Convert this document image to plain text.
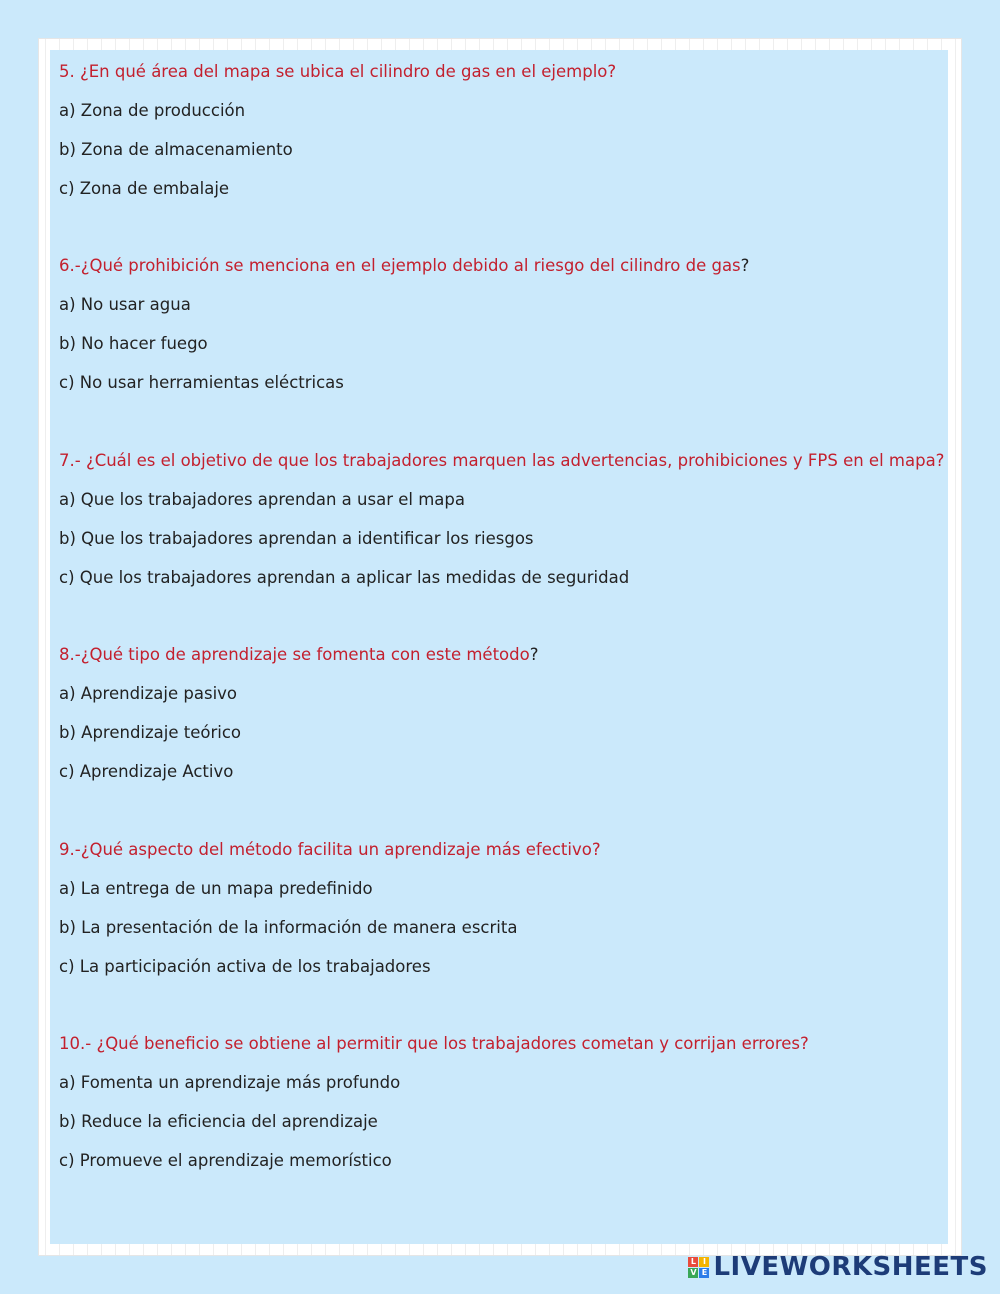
5. ¿En qué área del mapa se ubica el cilindro de gas en el ejemplo?
a) Zona de producción
b) Zona de almacenamiento
c) Zona de embalaje
6.-¿Qué prohibición se menciona en el ejemplo debido al riesgo del cilindro de gas?
a) No usar agua
b) No hacer fuego
c) No usar herramientas eléctricas
7.- ¿Cuál es el objetivo de que los trabajadores marquen las advertencias, prohibiciones y FPS en el mapa?
a) Que los trabajadores aprendan a usar el mapa
b) Que los trabajadores aprendan a identificar los riesgos
c) Que los trabajadores aprendan a aplicar las medidas de seguridad
8.-¿Qué tipo de aprendizaje se fomenta con este método?
a) Aprendizaje pasivo
b) Aprendizaje teórico
c) Aprendizaje Activo
9.-¿Qué aspecto del método facilita un aprendizaje más efectivo?
a) La entrega de un mapa predefinido
b) La presentación de la información de manera escrita
c) La participación activa de los trabajadores
10.- ¿Qué beneficio se obtiene al permitir que los trabajadores cometan y corrijan errores?
a) Fomenta un aprendizaje más profundo
b) Reduce la eficiencia del aprendizaje
c) Promueve el aprendizaje memorístico
L I
V E LIVEWORKSHEETS
